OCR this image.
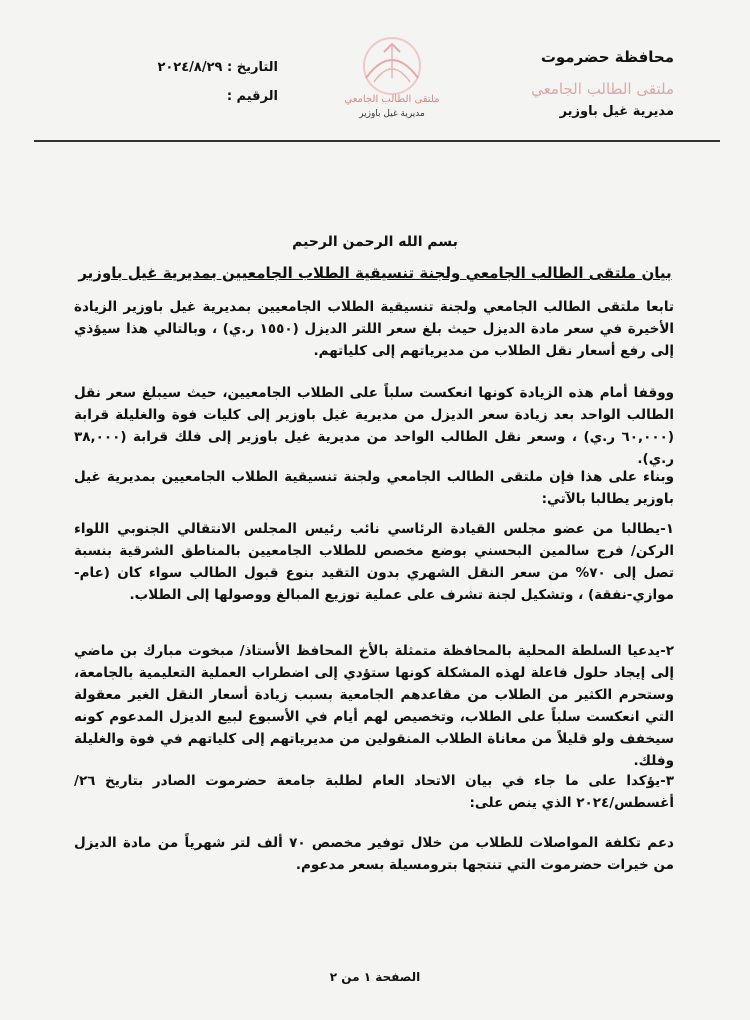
محافظة حضرموت
ملتقى الطالب الجامعي
مديرية غيل باوزير
ملتقى الطالب الجامعي
مديرية غيل باوزير
التاريخ : ٢٠٢٤/٨/٢٩
الرقيم :
بسم الله الرحمن الرحيم
بيان ملتقى الطالب الجامعي ولجنة تنسيقية الطلاب الجامعيين بمديرية غيل باوزير
تابعا ملتقى الطالب الجامعي ولجنة تنسيقية الطلاب الجامعيين بمديرية غيل باوزير الزيادة الأخيرة في سعر مادة الديزل حيث بلغ سعر اللتر الديزل (١٥٥٠ ر.ي) ، وبالتالي هذا سيؤذي إلى رفع أسعار نقل الطلاب من مديرياتهم إلى كلياتهم.
ووقفا أمام هذه الزيادة كونها انعكست سلباً على الطلاب الجامعيين، حيث سيبلغ سعر نقل الطالب الواحد بعد زيادة سعر الديزل من مديرية غيل باوزير إلى كليات فوة والغليلة قرابة (٦٠,٠٠٠ ر.ي) ، وسعر نقل الطالب الواحد من مديرية غيل باوزير إلى فلك قرابة (٣٨,٠٠٠ ر.ي).
وبناء على هذا فإن ملتقى الطالب الجامعي ولجنة تنسيقية الطلاب الجامعيين بمديرية غيل باوزير يطالبا بالآتي:
١-يطالبا من عضو مجلس القيادة الرئاسي نائب رئيس المجلس الانتقالي الجنوبي اللواء الركن/ فرج سالمين البحسني بوضع مخصص للطلاب الجامعيين بالمناطق الشرقية بنسبة تصل إلى ٧٠% من سعر النقل الشهري بدون التقيد بنوع قبول الطالب سواء كان (عام-موازي-نفقة) ، وتشكيل لجنة تشرف على عملية توزيع المبالغ ووصولها إلى الطلاب.
٢-يدعيا السلطة المحلية بالمحافظة متمثلة بالأخ المحافظ الأستاذ/ مبخوت مبارك بن ماضي إلى إيجاد حلول فاعلة لهذه المشكلة كونها ستؤدي إلى اضطراب العملية التعليمية بالجامعة، وستحرم الكثير من الطلاب من مقاعدهم الجامعية بسبب زيادة أسعار النقل الغير معقولة التي انعكست سلباً على الطلاب، وتخصيص لهم أيام في الأسبوع لبيع الديزل المدعوم كونه سيخفف ولو قليلاً من معاناة الطلاب المنقولين من مديرياتهم إلى كلياتهم في فوة والغليلة وفلك.
٣-يؤكدا على ما جاء في بيان الاتحاد العام لطلبة جامعة حضرموت الصادر بتاريخ ٢٦/أغسطس/٢٠٢٤ الذي ينص على:
دعم تكلفة المواصلات للطلاب من خلال توفير مخصص ٧٠ ألف لتر شهرياً من مادة الديزل من خيرات حضرموت التي تنتجها بترومسيلة بسعر مدعوم.
الصفحة ١ من ٢
